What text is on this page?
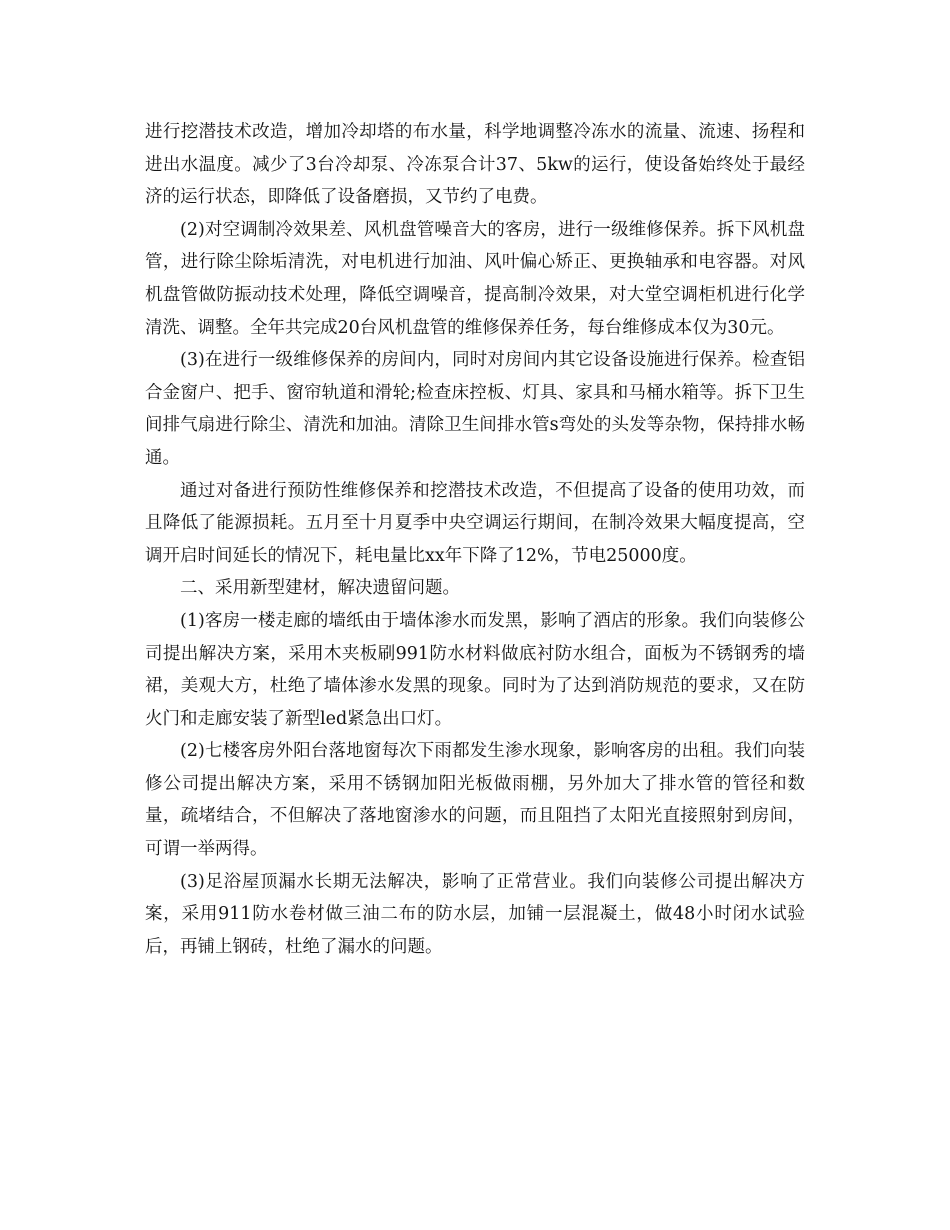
进行挖潜技术改造，增加冷却塔的布水量，科学地调整冷冻水的流量、流速、扬程和进出水温度。减少了3台冷却泵、冷冻泵合计37、5kw的运行，使设备始终处于最经济的运行状态，即降低了设备磨损，又节约了电费。

(2)对空调制冷效果差、风机盘管噪音大的客房，进行一级维修保养。拆下风机盘管，进行除尘除垢清洗，对电机进行加油、风叶偏心矫正、更换轴承和电容器。对风机盘管做防振动技术处理，降低空调噪音，提高制冷效果，对大堂空调柜机进行化学清洗、调整。全年共完成20台风机盘管的维修保养任务，每台维修成本仅为30元。

(3)在进行一级维修保养的房间内，同时对房间内其它设备设施进行保养。检查铝合金窗户、把手、窗帘轨道和滑轮;检查床控板、灯具、家具和马桶水箱等。拆下卫生间排气扇进行除尘、清洗和加油。清除卫生间排水管s弯处的头发等杂物，保持排水畅通。

通过对备进行预防性维修保养和挖潜技术改造，不但提高了设备的使用功效，而且降低了能源损耗。五月至十月夏季中央空调运行期间，在制冷效果大幅度提高，空调开启时间延长的情况下，耗电量比xx年下降了12%，节电25000度。

二、采用新型建材，解决遗留问题。

(1)客房一楼走廊的墙纸由于墙体渗水而发黑，影响了酒店的形象。我们向装修公司提出解决方案，采用木夹板刷991防水材料做底衬防水组合，面板为不锈钢秀的墙裙，美观大方，杜绝了墙体渗水发黑的现象。同时为了达到消防规范的要求，又在防火门和走廊安装了新型led紧急出口灯。

(2)七楼客房外阳台落地窗每次下雨都发生渗水现象，影响客房的出租。我们向装修公司提出解决方案，采用不锈钢加阳光板做雨棚，另外加大了排水管的管径和数量，疏堵结合，不但解决了落地窗渗水的问题，而且阻挡了太阳光直接照射到房间，可谓一举两得。

(3)足浴屋顶漏水长期无法解决，影响了正常营业。我们向装修公司提出解决方案，采用911防水卷材做三油二布的防水层，加铺一层混凝土，做48小时闭水试验后，再铺上钢砖，杜绝了漏水的问题。
